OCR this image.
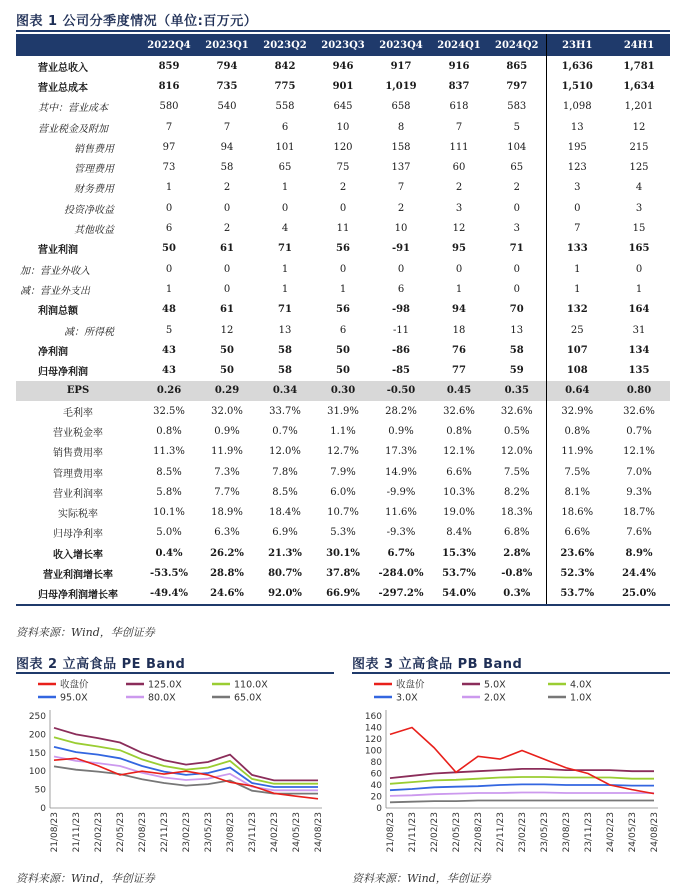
图表 1 公司分季度情况（单位:百万元）
	2022Q4	2023Q1	2023Q2	2023Q3	2023Q4	2024Q1	2024Q2	23H1	24H1
营业总收入	859	794	842	946	917	916	865	1,636	1,781
营业总成本	816	735	775	901	1,019	837	797	1,510	1,634
其中：营业成本	580	540	558	645	658	618	583	1,098	1,201
营业税金及附加	7	7	6	10	8	7	5	13	12
销售费用	97	94	101	120	158	111	104	195	215
管理费用	73	58	65	75	137	60	65	123	125
财务费用	1	2	1	2	7	2	2	3	4
投资净收益	0	0	0	0	2	3	0	0	3
其他收益	6	2	4	11	10	12	3	7	15
营业利润	50	61	71	56	-91	95	71	133	165
加：营业外收入	0	0	1	0	0	0	0	1	0
减：营业外支出	1	0	1	1	6	1	0	1	1
利润总额	48	61	71	56	-98	94	70	132	164
减：所得税	5	12	13	6	-11	18	13	25	31
净利润	43	50	58	50	-86	76	58	107	134
归母净利润	43	50	58	50	-85	77	59	108	135
EPS	0.26	0.29	0.34	0.30	-0.50	0.45	0.35	0.64	0.80
毛利率	32.5%	32.0%	33.7%	31.9%	28.2%	32.6%	32.6%	32.9%	32.6%
营业税金率	0.8%	0.9%	0.7%	1.1%	0.9%	0.8%	0.5%	0.8%	0.7%
销售费用率	11.3%	11.9%	12.0%	12.7%	17.3%	12.1%	12.0%	11.9%	12.1%
管理费用率	8.5%	7.3%	7.8%	7.9%	14.9%	6.6%	7.5%	7.5%	7.0%
营业利润率	5.8%	7.7%	8.5%	6.0%	-9.9%	10.3%	8.2%	8.1%	9.3%
实际税率	10.1%	18.9%	18.4%	10.7%	11.6%	19.0%	18.3%	18.6%	18.7%
归母净利率	5.0%	6.3%	6.9%	5.3%	-9.3%	8.4%	6.8%	6.6%	7.6%
收入增长率	0.4%	26.2%	21.3%	30.1%	6.7%	15.3%	2.8%	23.6%	8.9%
营业利润增长率	-53.5%	28.8%	80.7%	37.8%	-284.0%	53.7%	-0.8%	52.3%	24.4%
归母净利润增长率	-49.4%	24.6%	92.0%	66.9%	-297.2%	54.0%	0.3%	53.7%	25.0%
资料来源：Wind，华创证券
图表 2 立高食品 PE Band
0
50
100
150
200
250
21/08/23 21/11/23 22/02/23 22/05/23 22/08/23 22/11/23 23/02/23 23/05/23 23/08/23 23/11/23 24/02/23 24/05/23 24/08/23
收盘价	125.0X	110.0X
95.0X	80.0X	65.0X
资料来源：Wind，华创证券
图表 3 立高食品 PB Band
0
20
40
60
80
100
120
140
160
21/08/23 21/11/23 22/02/23 22/05/23 22/08/23 22/11/23 23/02/23 23/05/23 23/08/23 23/11/23 24/02/23 24/05/23 24/08/23
收盘价	5.0X	4.0X
3.0X	2.0X	1.0X
资料来源：Wind，华创证券
